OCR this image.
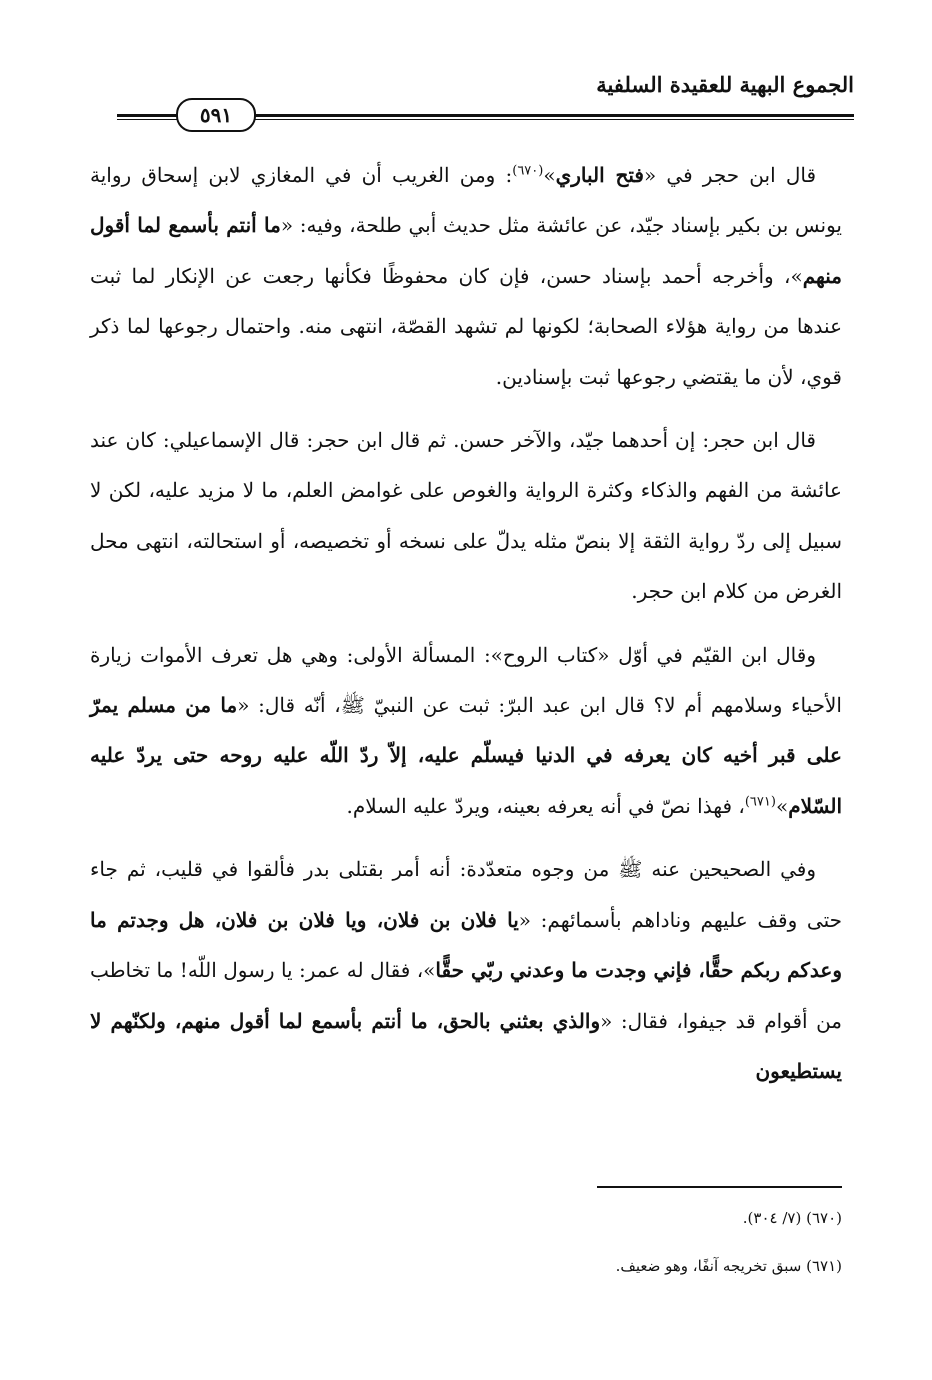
الجموع البهية للعقيدة السلفية
٥٩١

قال ابن حجر في «فتح الباري»$^{(٦٧٠)}$: ومن الغريب أن في المغازي لابن إسحاق رواية يونس بن بكير بإسناد جيّد، عن عائشة مثل حديث أبي طلحة، وفيه: «ما أنتم بأسمع لما أقول منهم»، وأخرجه أحمد بإسناد حسن، فإن كان محفوظًا فكأنها رجعت عن الإنكار لما ثبت عندها من رواية هؤلاء الصحابة؛ لكونها لم تشهد القصّة، انتهى منه. واحتمال رجوعها لما ذكر قوي، لأن ما يقتضي رجوعها ثبت بإسنادين.

قال ابن حجر: إن أحدهما جيّد، والآخر حسن. ثم قال ابن حجر: قال الإسماعيلي: كان عند عائشة من الفهم والذكاء وكثرة الرواية والغوص على غوامض العلم، ما لا مزيد عليه، لكن لا سبيل إلى ردّ رواية الثقة إلا بنصّ مثله يدلّ على نسخه أو تخصيصه، أو استحالته، انتهى محل الغرض من كلام ابن حجر.

وقال ابن القيّم في أوّل «كتاب الروح»: المسألة الأولى: وهي هل تعرف الأموات زيارة الأحياء وسلامهم أم لا؟ قال ابن عبد البرّ: ثبت عن النبيّ ﷺ، أنّه قال: «ما من مسلم يمرّ على قبر أخيه كان يعرفه في الدنيا فيسلّم عليه، إلاّ ردّ اللّه عليه روحه حتى يردّ عليه السّلام»$^{(٦٧١)}$، فهذا نصّ في أنه يعرفه بعينه، ويردّ عليه السلام.

وفي الصحيحين عنه ﷺ من وجوه متعدّدة: أنه أمر بقتلى بدر فألقوا في قليب، ثم جاء حتى وقف عليهم وناداهم بأسمائهم: «يا فلان بن فلان، ويا فلان بن فلان، هل وجدتم ما وعدكم ربكم حقًّا، فإني وجدت ما وعدني ربّي حقًّا»، فقال له عمر: يا رسول اللّه! ما تخاطب من أقوام قد جيفوا، فقال: «والذي بعثني بالحق، ما أنتم بأسمع لما أقول منهم، ولكنّهم لا يستطيعون

(٦٧٠) (٧/ ٣٠٤).
(٦٧١) سبق تخريجه آنفًا، وهو ضعيف.
